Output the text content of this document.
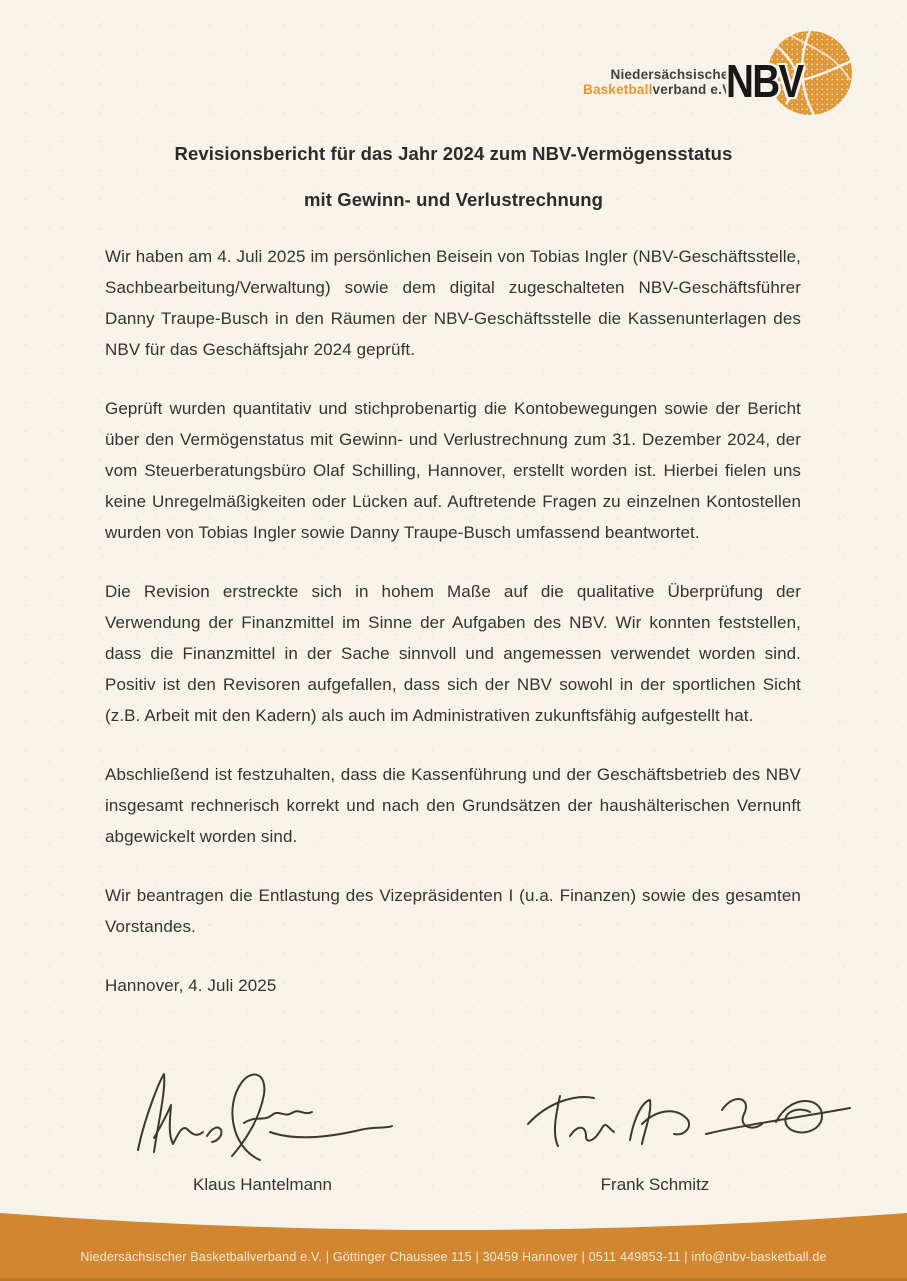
Niedersächsischer
Basketballverband e.V.
NBV
Revisionsbericht für das Jahr 2024 zum NBV-Vermögensstatus
mit Gewinn- und Verlustrechnung

Wir haben am 4. Juli 2025 im persönlichen Beisein von Tobias Ingler (NBV-Geschäftsstelle, Sachbearbeitung/Verwaltung) sowie dem digital zugeschalteten NBV-Geschäftsführer Danny Traupe-Busch in den Räumen der NBV-Geschäftsstelle die Kassenunterlagen des NBV für das Geschäftsjahr 2024 geprüft.

Geprüft wurden quantitativ und stichprobenartig die Kontobewegungen sowie der Bericht über den Vermögenstatus mit Gewinn- und Verlustrechnung zum 31. Dezember 2024, der vom Steuerberatungsbüro Olaf Schilling, Hannover, erstellt worden ist. Hierbei fielen uns keine Unregelmäßigkeiten oder Lücken auf. Auftretende Fragen zu einzelnen Kontostellen wurden von Tobias Ingler sowie Danny Traupe-Busch umfassend beantwortet.

Die Revision erstreckte sich in hohem Maße auf die qualitative Überprüfung der Verwendung der Finanzmittel im Sinne der Aufgaben des NBV. Wir konnten feststellen, dass die Finanzmittel in der Sache sinnvoll und angemessen verwendet worden sind. Positiv ist den Revisoren aufgefallen, dass sich der NBV sowohl in der sportlichen Sicht (z.B. Arbeit mit den Kadern) als auch im Administrativen zukunftsfähig aufgestellt hat.

Abschließend ist festzuhalten, dass die Kassenführung und der Geschäftsbetrieb des NBV insgesamt rechnerisch korrekt und nach den Grundsätzen der haushälterischen Vernunft abgewickelt worden sind.

Wir beantragen die Entlastung des Vizepräsidenten I (u.a. Finanzen) sowie des gesamten Vorstandes.

Hannover, 4. Juli 2025

Klaus Hantelmann	Frank Schmitz
Niedersächsischer Basketballverband e.V. | Göttinger Chaussee 115 | 30459 Hannover | 0511 449853-11 | info@nbv-basketball.de
